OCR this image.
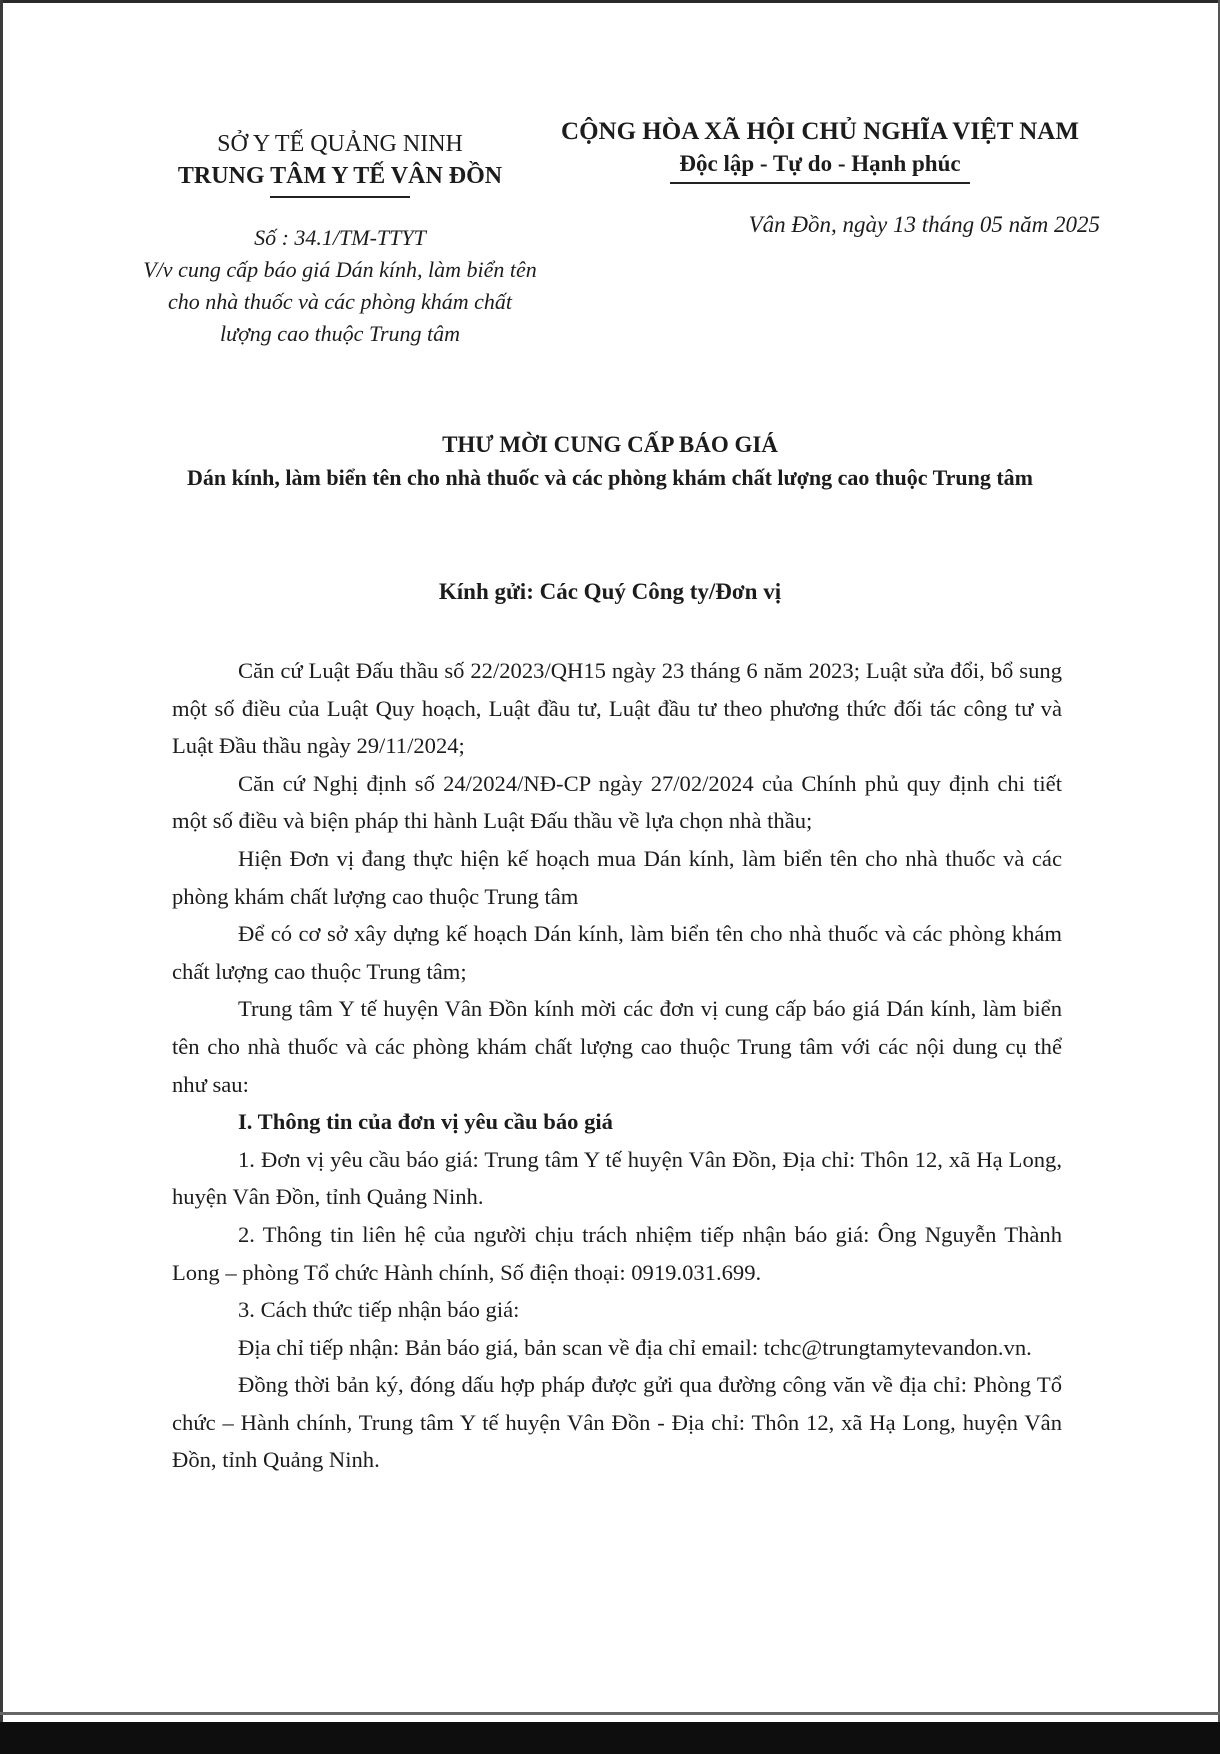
SỞ Y TẾ QUẢNG NINH
TRUNG TÂM Y TẾ VÂN ĐỒN
CỘNG HÒA XÃ HỘI CHỦ NGHĨA VIỆT NAM
Độc lập - Tự do - Hạnh phúc
Số : 34.1/TM-TTYT
V/v cung cấp báo giá Dán kính, làm biển tên cho nhà thuốc và các phòng khám chất lượng cao thuộc Trung tâm
Vân Đồn, ngày 13 tháng 05 năm 2025
THƯ MỜI CUNG CẤP BÁO GIÁ
Dán kính, làm biển tên cho nhà thuốc và các phòng khám chất lượng cao thuộc Trung tâm
Kính gửi: Các Quý Công ty/Đơn vị

Căn cứ Luật Đấu thầu số 22/2023/QH15 ngày 23 tháng 6 năm 2023; Luật sửa đổi, bổ sung một số điều của Luật Quy hoạch, Luật đầu tư, Luật đầu tư theo phương thức đối tác công tư và Luật Đầu thầu ngày 29/11/2024;

Căn cứ Nghị định số 24/2024/NĐ-CP ngày 27/02/2024 của Chính phủ quy định chi tiết một số điều và biện pháp thi hành Luật Đấu thầu về lựa chọn nhà thầu;

Hiện Đơn vị đang thực hiện kế hoạch mua Dán kính, làm biển tên cho nhà thuốc và các phòng khám chất lượng cao thuộc Trung tâm

Để có cơ sở xây dựng kế hoạch Dán kính, làm biển tên cho nhà thuốc và các phòng khám chất lượng cao thuộc Trung tâm;

Trung tâm Y tế huyện Vân Đồn kính mời các đơn vị cung cấp báo giá Dán kính, làm biển tên cho nhà thuốc và các phòng khám chất lượng cao thuộc Trung tâm với các nội dung cụ thể như sau:

I. Thông tin của đơn vị yêu cầu báo giá

1. Đơn vị yêu cầu báo giá: Trung tâm Y tế huyện Vân Đồn, Địa chỉ: Thôn 12, xã Hạ Long, huyện Vân Đồn, tỉnh Quảng Ninh.

2. Thông tin liên hệ của người chịu trách nhiệm tiếp nhận báo giá: Ông Nguyễn Thành Long – phòng Tổ chức Hành chính, Số điện thoại: 0919.031.699.

3. Cách thức tiếp nhận báo giá:

Địa chỉ tiếp nhận: Bản báo giá, bản scan về địa chỉ email: tchc@trungtamytevandon.vn.

Đồng thời bản ký, đóng dấu hợp pháp được gửi qua đường công văn về địa chỉ: Phòng Tổ chức – Hành chính, Trung tâm Y tế huyện Vân Đồn - Địa chỉ: Thôn 12, xã Hạ Long, huyện Vân Đồn, tỉnh Quảng Ninh.
